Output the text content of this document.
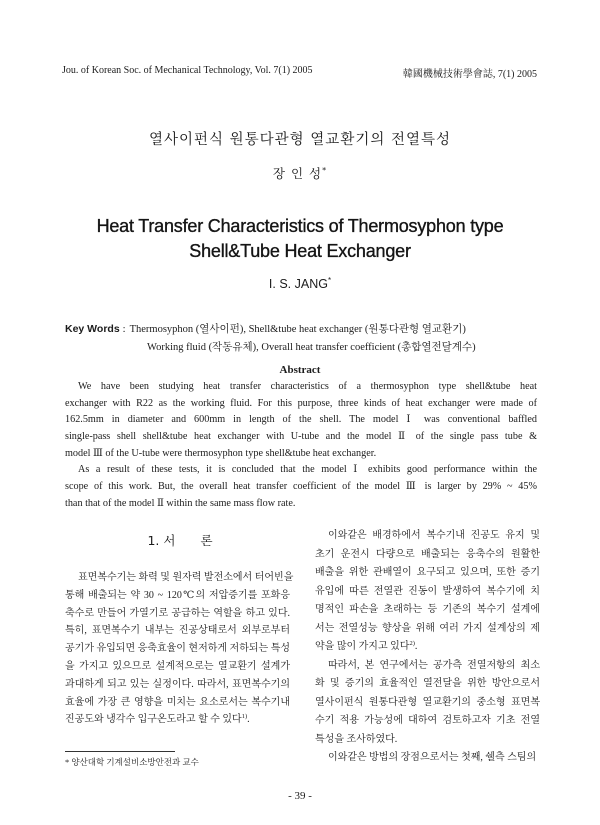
Jou. of Korean Soc. of Mechanical Technology, Vol. 7(1) 2005	韓國機械技術學會誌, 7(1) 2005
열사이펀식 원통다관형 열교환기의 전열특성
장 인 성*
Heat Transfer Characteristics of Thermosyphon type
Shell&Tube Heat Exchanger
I. S. JANG*
Key Words : Thermosyphon (열사이펀), Shell&tube heat exchanger (원통다관형 열교환기)
Working fluid (작동유체), Overall heat transfer coefficient (총합열전달계수)
Abstract
We have been studying heat transfer characteristics of a thermosyphon type shell&tube heat
exchanger with R22 as the working fluid. For this purpose, three kinds of heat exchanger were made of
162.5mm in diameter and 600mm in length of the shell. The model Ⅰ was conventional baffled
single-pass shell shell&tube heat exchanger with U-tube and the model Ⅱ of the single pass tube &
model Ⅲ of the U-tube were thermosyphon type shell&tube heat exchanger.
As a result of these tests, it is concluded that the model Ⅰ exhibits good performance within the
scope of this work. But, the overall heat transfer coefficient of the model Ⅲ is larger by 29% ~ 45%
than that of the model Ⅱ within the same mass flow rate.
1. 서　　론
표면복수기는 화력 및 원자력 발전소에서 터어빈을
통해 배출되는 약 30 ~ 120℃의 저압증기를 포화응
축수로 만들어 가열기로 공급하는 역할을 하고 있다.
특히, 표면복수기 내부는 진공상태로서 외부로부터
공기가 유입되면 응축효율이 현저하게 저하되는 특성
을 가지고 있으므로 설계적으로는 열교환기 설계가
과대하게 되고 있는 실정이다. 따라서, 표면복수기의
효율에 가장 큰 영향을 미치는 요소로서는 복수기내
진공도와 냉각수 입구온도라고 할 수 있다$^{1)}$.
이와같은 배경하에서 복수기내 진공도 유지 및
초기 운전시 다량으로 배출되는 응축수의 원활한
배출을 위한 관배열이 요구되고 있으며, 또한 증기
유입에 따른 전열관 진동이 발생하여 복수기에 치
명적인 파손을 초래하는 등 기존의 복수기 설계에
서는 전열성능 향상을 위해 여러 가지 설계상의 제
약을 많이 가지고 있다$^{2)}$.
따라서, 본 연구에서는 공가측 전열저항의 최소
화 및 증기의 효율적인 열전달을 위한 방안으로서
열사이펀식 원통다관형 열교환기의 중소형 표면복
수기 적용 가능성에 대하여 검토하고자 기초 전열
특성을 조사하였다.
이와같은 방법의 장점으로서는 첫째, 쉘측 스팀의
* 양산대학 기계설비소방안전과 교수
- 39 -
